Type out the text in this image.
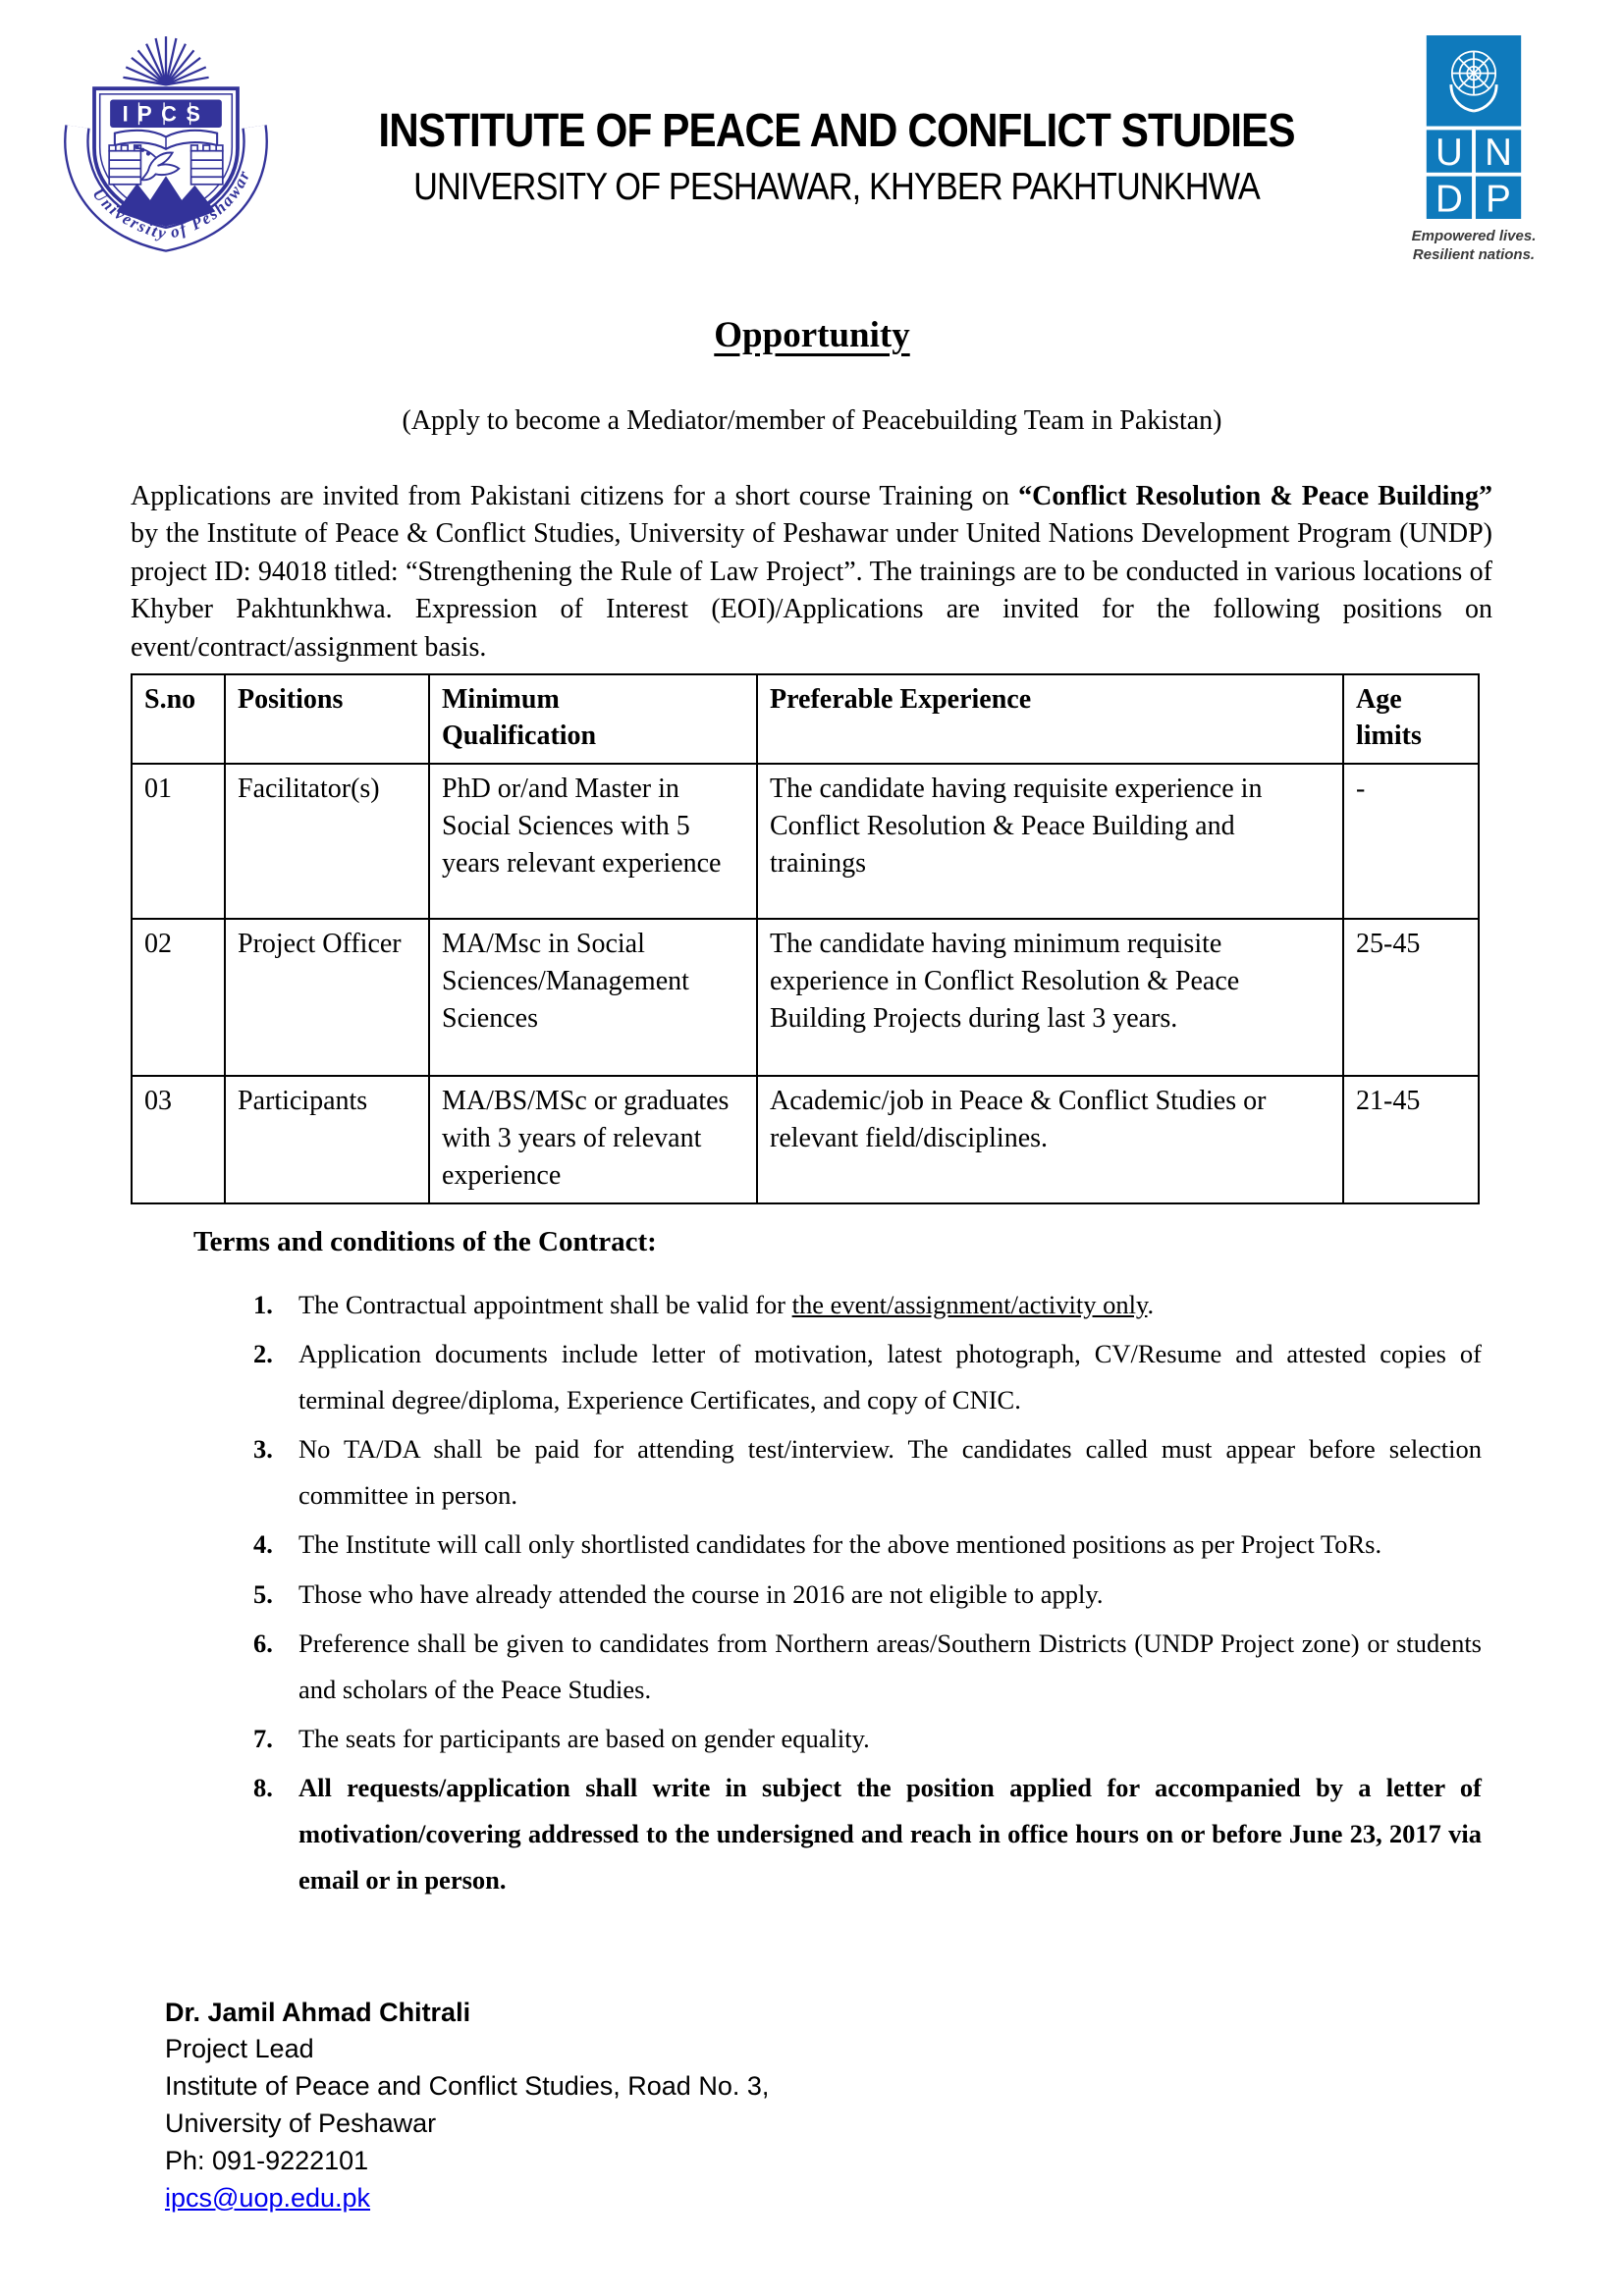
IPCS
University of Peshawar
INSTITUTE OF PEACE AND CONFLICT STUDIES
UNIVERSITY OF PESHAWAR, KHYBER PAKHTUNKHWA
U N
D P
Empowered lives.
Resilient nations.
Opportunity
(Apply to become a Mediator/member of Peacebuilding Team in Pakistan)

Applications are invited from Pakistani citizens for a short course Training on “Conflict Resolution & Peace Building” by the Institute of Peace & Conflict Studies, University of Peshawar under United Nations Development Program (UNDP) project ID: 94018 titled: “Strengthening the Rule of Law Project”. The trainings are to be conducted in various locations of Khyber Pakhtunkhwa. Expression of Interest (EOI)/Applications are invited for the following positions on event/contract/assignment basis.

S.no	Positions	Minimum Qualification	Preferable Experience	Age limits
01	Facilitator(s)	PhD or/and Master in Social Sciences with 5 years relevant experience	The candidate having requisite experience in Conflict Resolution & Peace Building and trainings	-
02	Project Officer	MA/Msc in Social Sciences/Management Sciences	The candidate having minimum requisite experience in Conflict Resolution & Peace Building Projects during last 3 years.	25-45
03	Participants	MA/BS/MSc or graduates with 3 years of relevant experience	Academic/job in Peace & Conflict Studies or relevant field/disciplines.	21-45
Terms and conditions of the Contract:
1. The Contractual appointment shall be valid for the event/assignment/activity only.
2. Application documents include letter of motivation, latest photograph, CV/Resume and attested copies of terminal degree/diploma, Experience Certificates, and copy of CNIC.
3. No TA/DA shall be paid for attending test/interview. The candidates called must appear before selection committee in person.
4. The Institute will call only shortlisted candidates for the above mentioned positions as per Project ToRs.
5. Those who have already attended the course in 2016 are not eligible to apply.
6. Preference shall be given to candidates from Northern areas/Southern Districts (UNDP Project zone) or students and scholars of the Peace Studies.
7. The seats for participants are based on gender equality.
8. All requests/application shall write in subject the position applied for accompanied by a letter of motivation/covering addressed to the undersigned and reach in office hours on or before June 23, 2017 via email or in person.
Dr. Jamil Ahmad Chitrali
Project Lead
Institute of Peace and Conflict Studies, Road No. 3,
University of Peshawar
Ph: 091-9222101
ipcs@uop.edu.pk
